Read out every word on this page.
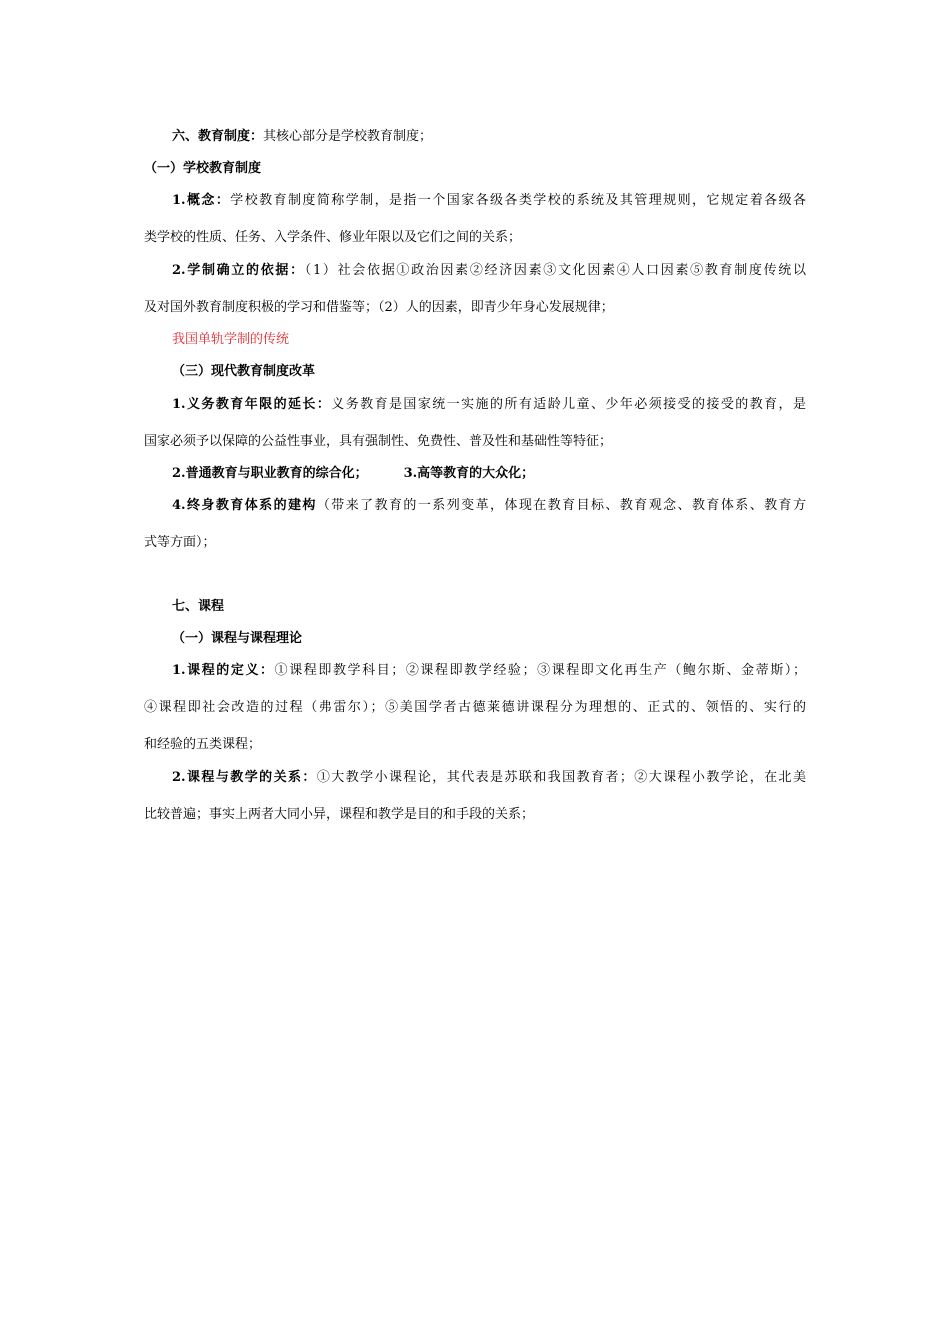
六、教育制度：其核心部分是学校教育制度；
（一）学校教育制度
1.概念：学校教育制度简称学制，是指一个国家各级各类学校的系统及其管理规则，它规定着各级各
类学校的性质、任务、入学条件、修业年限以及它们之间的关系；
2.学制确立的依据：（1）社会依据①政治因素②经济因素③文化因素④人口因素⑤教育制度传统以
及对国外教育制度积极的学习和借鉴等；（2）人的因素，即青少年身心发展规律；
我国单轨学制的传统
（三）现代教育制度改革
1.义务教育年限的延长：义务教育是国家统一实施的所有适龄儿童、少年必须接受的接受的教育，是
国家必须予以保障的公益性事业，具有强制性、免费性、普及性和基础性等特征；
2.普通教育与职业教育的综合化；	3.高等教育的大众化；
4.终身教育体系的建构（带来了教育的一系列变革，体现在教育目标、教育观念、教育体系、教育方
式等方面）；
七、课程
（一）课程与课程理论
1.课程的定义：①课程即教学科目；②课程即教学经验；③课程即文化再生产（鲍尔斯、金蒂斯）；
④课程即社会改造的过程（弗雷尔）；⑤美国学者古德莱德讲课程分为理想的、正式的、领悟的、实行的
和经验的五类课程；
2.课程与教学的关系：①大教学小课程论，其代表是苏联和我国教育者；②大课程小教学论，在北美
比较普遍；事实上两者大同小异，课程和教学是目的和手段的关系；
